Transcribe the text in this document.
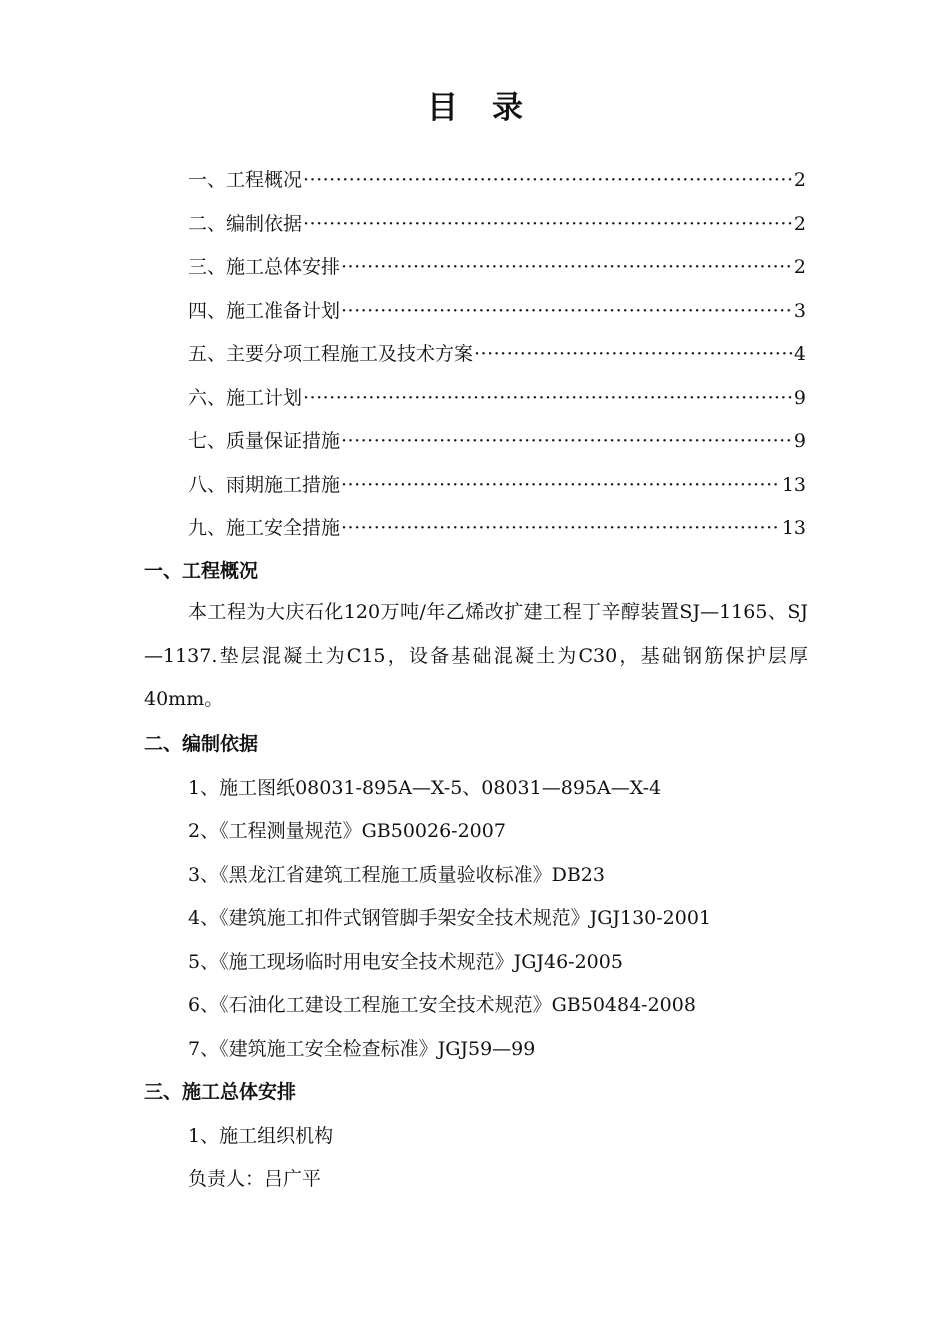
目录
一、工程概况 ·····	2
二、编制依据 ·····	2
三、施工总体安排 ·····	2
四、施工准备计划 ·····	3
五、主要分项工程施工及技术方案 ·····	4
六、施工计划 ·····	9
七、质量保证措施 ·····	9
八、雨期施工措施 ·····	13
九、施工安全措施 ·····	13
一、工程概况

本工程为大庆石化120万吨/年乙烯改扩建工程丁辛醇装置SJ—1165、SJ—1137.垫层混凝土为C15，设备基础混凝土为C30，基础钢筋保护层厚40mm。

二、编制依据
1、施工图纸08031-895A—X-5、08031—895A—X-4
2、《工程测量规范》GB50026-2007
3、《黑龙江省建筑工程施工质量验收标准》DB23
4、《建筑施工扣件式钢管脚手架安全技术规范》JGJ130-2001
5、《施工现场临时用电安全技术规范》JGJ46-2005
6、《石油化工建设工程施工安全技术规范》GB50484-2008
7、《建筑施工安全检查标准》JGJ59—99
三、施工总体安排
1、施工组织机构
负责人：吕广平
